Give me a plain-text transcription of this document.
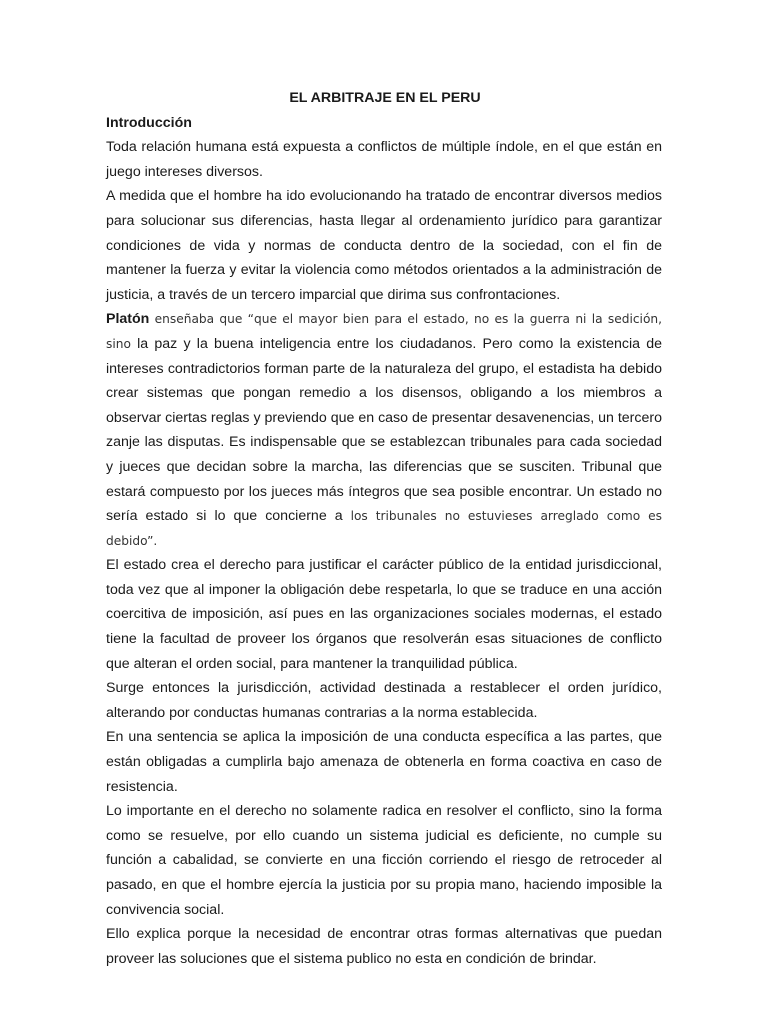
EL ARBITRAJE EN EL PERU
Introducción

Toda relación humana está expuesta a conflictos de múltiple índole, en el que están en juego intereses diversos.

A medida que el hombre ha ido evolucionando ha tratado de encontrar diversos medios para solucionar sus diferencias, hasta llegar al ordenamiento jurídico para garantizar condiciones de vida y normas de conducta dentro de la sociedad, con el fin de mantener la fuerza y evitar la violencia como métodos orientados a la administración de justicia, a través de un tercero imparcial que dirima sus confrontaciones.

Platón enseñaba que “que el mayor bien para el estado, no es la guerra ni la sedición, sino la paz y la buena inteligencia entre los ciudadanos. Pero como la existencia de intereses contradictorios forman parte de la naturaleza del grupo, el estadista ha debido crear sistemas que pongan remedio a los disensos, obligando a los miembros a observar ciertas reglas y previendo que en caso de presentar desavenencias, un tercero zanje las disputas. Es indispensable que se establezcan tribunales para cada sociedad y jueces que decidan sobre la marcha, las diferencias que se susciten. Tribunal que estará compuesto por los jueces más íntegros que sea posible encontrar. Un estado no sería estado si lo que concierne a los tribunales no estuvieses arreglado como es debido”.

El estado crea el derecho para justificar el carácter público de la entidad jurisdiccional, toda vez que al imponer la obligación debe respetarla, lo que se traduce en una acción coercitiva de imposición, así pues en las organizaciones sociales modernas, el estado tiene la facultad de proveer los órganos que resolverán esas situaciones de conflicto que alteran el orden social, para mantener la tranquilidad pública.

Surge entonces la jurisdicción, actividad destinada a restablecer el orden jurídico, alterando por conductas humanas contrarias a la norma establecida.

En una sentencia se aplica la imposición de una conducta específica a las partes, que están obligadas a cumplirla bajo amenaza de obtenerla en forma coactiva en caso de resistencia.

Lo importante en el derecho no solamente radica en resolver el conflicto, sino la forma como se resuelve, por ello cuando un sistema judicial es deficiente, no cumple su función a cabalidad, se convierte en una ficción corriendo el riesgo de retroceder al pasado, en que el hombre ejercía la justicia por su propia mano, haciendo imposible la convivencia social.

Ello explica porque la necesidad de encontrar otras formas alternativas que puedan proveer las soluciones que el sistema publico no esta en condición de brindar.
